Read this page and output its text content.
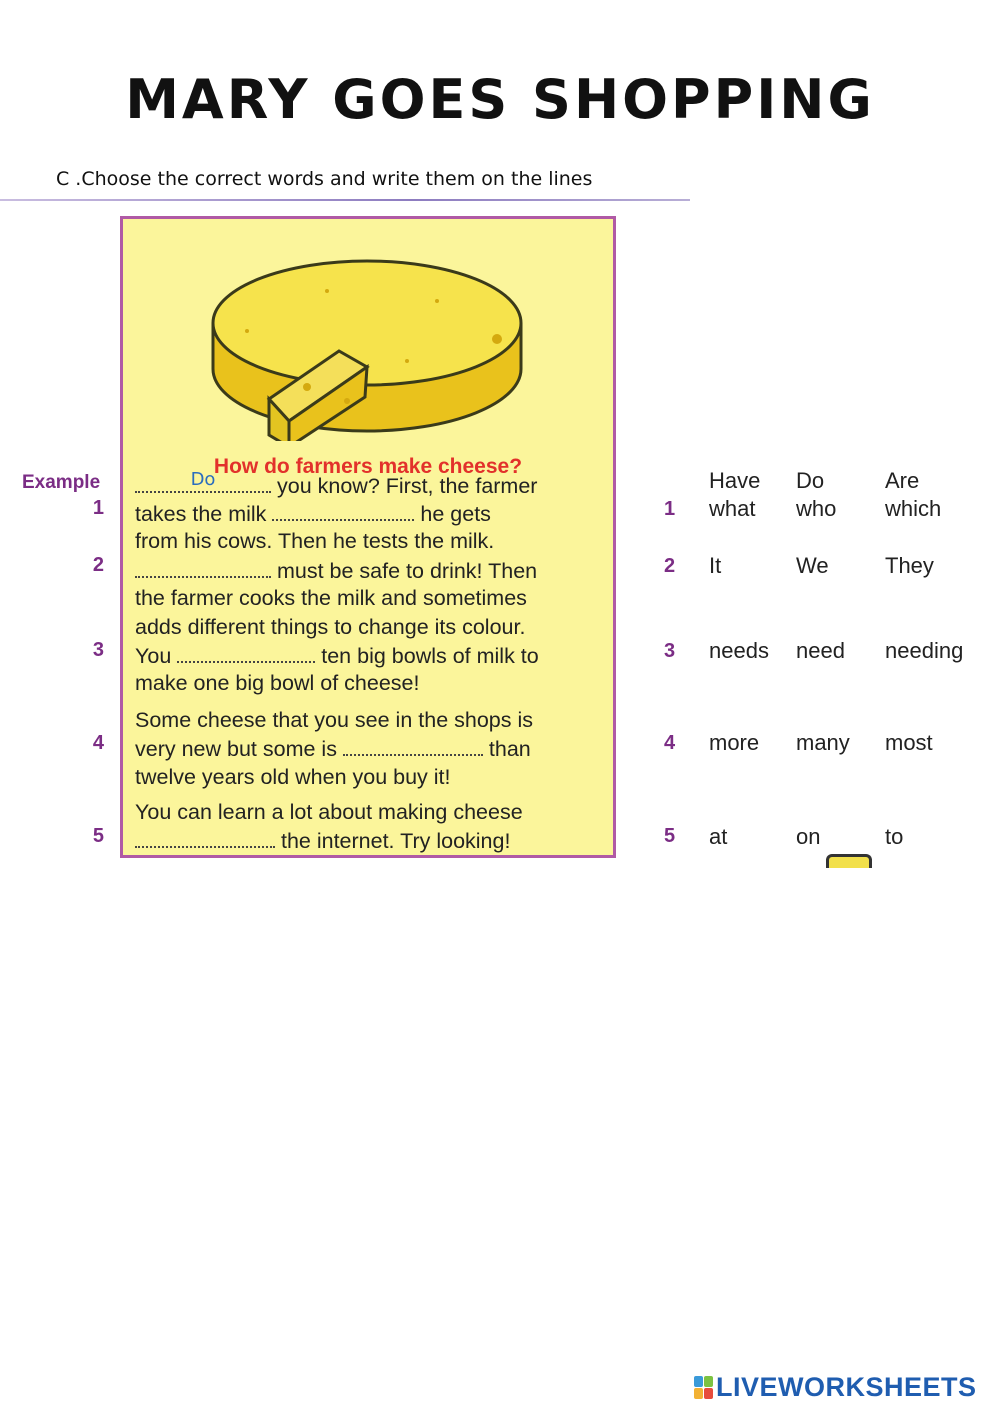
MARY GOES SHOPPING
C .Choose the correct words and write them on the lines
Example
1
2
3
4
5
How do farmers make cheese?
Do	you know? First, the farmer
takes the milk	he gets
from his cows. Then he tests the milk.
must be safe to drink! Then
the farmer cooks the milk and sometimes
adds different things to change its colour.
You	ten big bowls of milk to
make one big bowl of cheese!
Some cheese that you see in the shops is
very new but some is	than
twelve years old when you buy it!
You can learn a lot about making cheese
the internet. Try looking!
Have Do	Are
1 what who which
2 It	We	They
3 needs need needing
4 more many most
5 at	on	to
LIVEWORKSHEETS
